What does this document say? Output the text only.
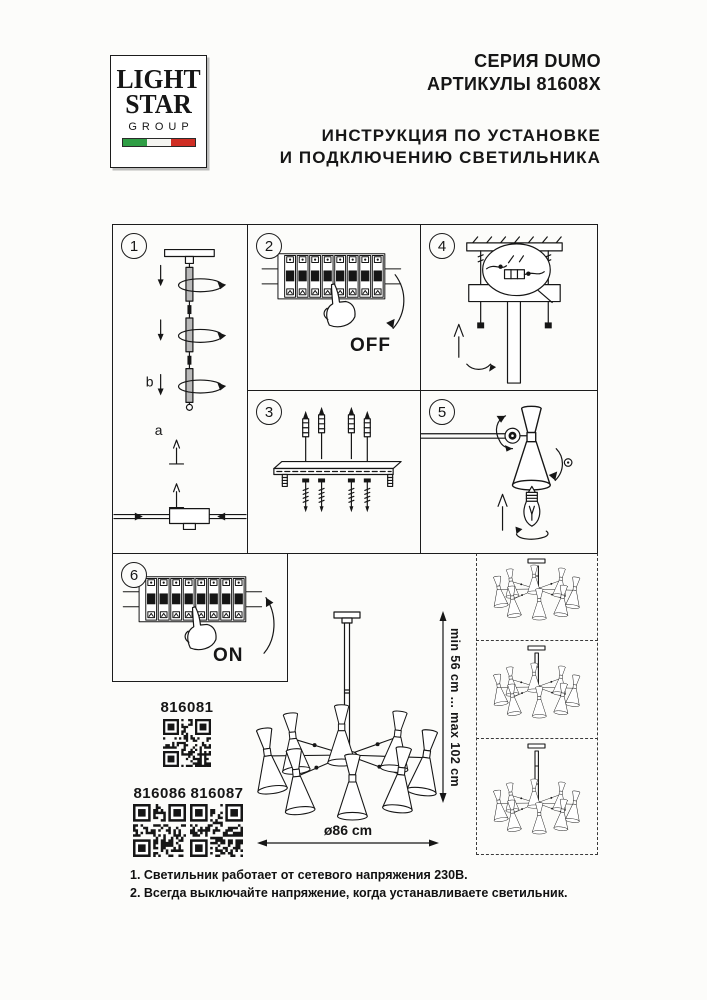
LIGHT
STAR
GROUP
СЕРИЯ DUMO
АРТИКУЛЫ 81608X
ИНСТРУКЦИЯ ПО УСТАНОВКЕ
И ПОДКЛЮЧЕНИЮ СВЕТИЛЬНИКА
b
a
1	2
OFF
3
4
5
6
ON	min 56 cm ... max 102 cm
ø86 cm
816081
816086 816087
1. Светильник работает от сетевого напряжения 230В.
2. Всегда выключайте напряжение, когда устанавливаете светильник.
